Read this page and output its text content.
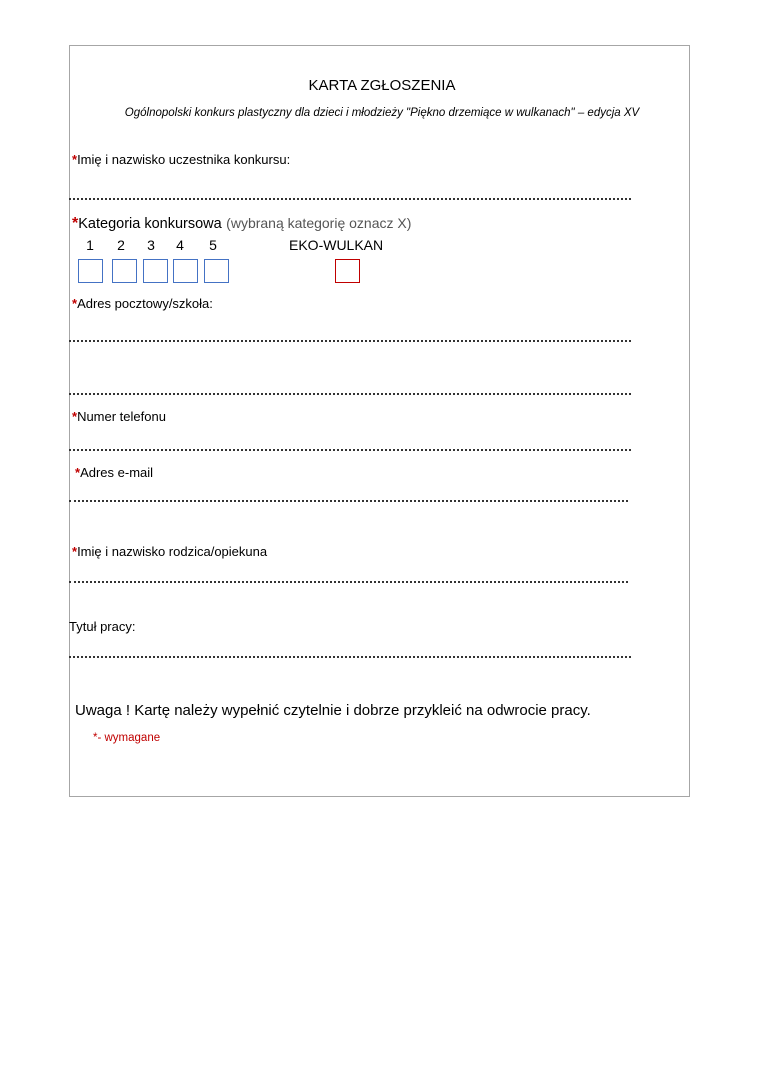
KARTA ZGŁOSZENIA
Ogólnopolski konkurs plastyczny dla dzieci i młodzieży "Piękno drzemiące w wulkanach" – edycja XV
*Imię i nazwisko uczestnika konkursu:
*Kategoria konkursowa (wybraną kategorię oznacz X)
1	2	3	4	5	EKO-WULKAN
*Adres pocztowy/szkoła:
*Numer telefonu
*Adres e-mail
*Imię i nazwisko rodzica/opiekuna
Tytuł pracy:
Uwaga ! Kartę należy wypełnić czytelnie i dobrze przykleić na odwrocie pracy.
*- wymagane
